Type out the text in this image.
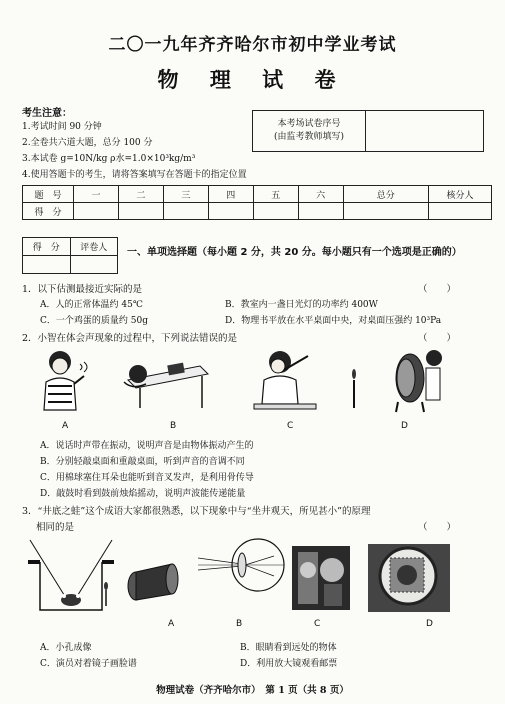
二〇一九年齐齐哈尔市初中学业考试
物 理 试 卷
考生注意：
1.考试时间 90 分钟
2.全卷共六道大题，总分 100 分
3.本试卷 g=10N/kg ρ水=1.0×10³kg/m³
4.使用答题卡的考生，请将答案填写在答题卡的指定位置
本考场试卷序号
(由监考教师填写)

题　号	一	二	三	四	五	六	总分	核分人
得　分								
得　分	评卷人
	一、单项选择题（每小题 2 分，共 20 分。每小题只有一个选项是正确的）
1．以下估测最接近实际的是	（　　）
A．人的正常体温约 45℃	B．教室内一盏日光灯的功率约 400W
C．一个鸡蛋的质量约 50g	D．物理书平放在水平桌面中央，对桌面压强约 10³Pa
2．小智在体会声现象的过程中，下列说法错误的是	（　　）
A	B	C	D
A．说话时声带在振动，说明声音是由物体振动产生的
B．分别轻敲桌面和重敲桌面，听到声音的音调不同
C．用棉球塞住耳朵也能听到音叉发声，是利用骨传导
D．敲鼓时看到鼓前烛焰摇动，说明声波能传递能量
3．“井底之蛙”这个成语大家都很熟悉，以下现象中与“坐井观天，所见甚小”的原理
相同的是	（　　）
A	B	C	D
A．小孔成像	B．眼睛看到远处的物体
C．演员对着镜子画脸谱	D．利用放大镜观看邮票
物理试卷（齐齐哈尔市）　第 1 页（共 8 页）
